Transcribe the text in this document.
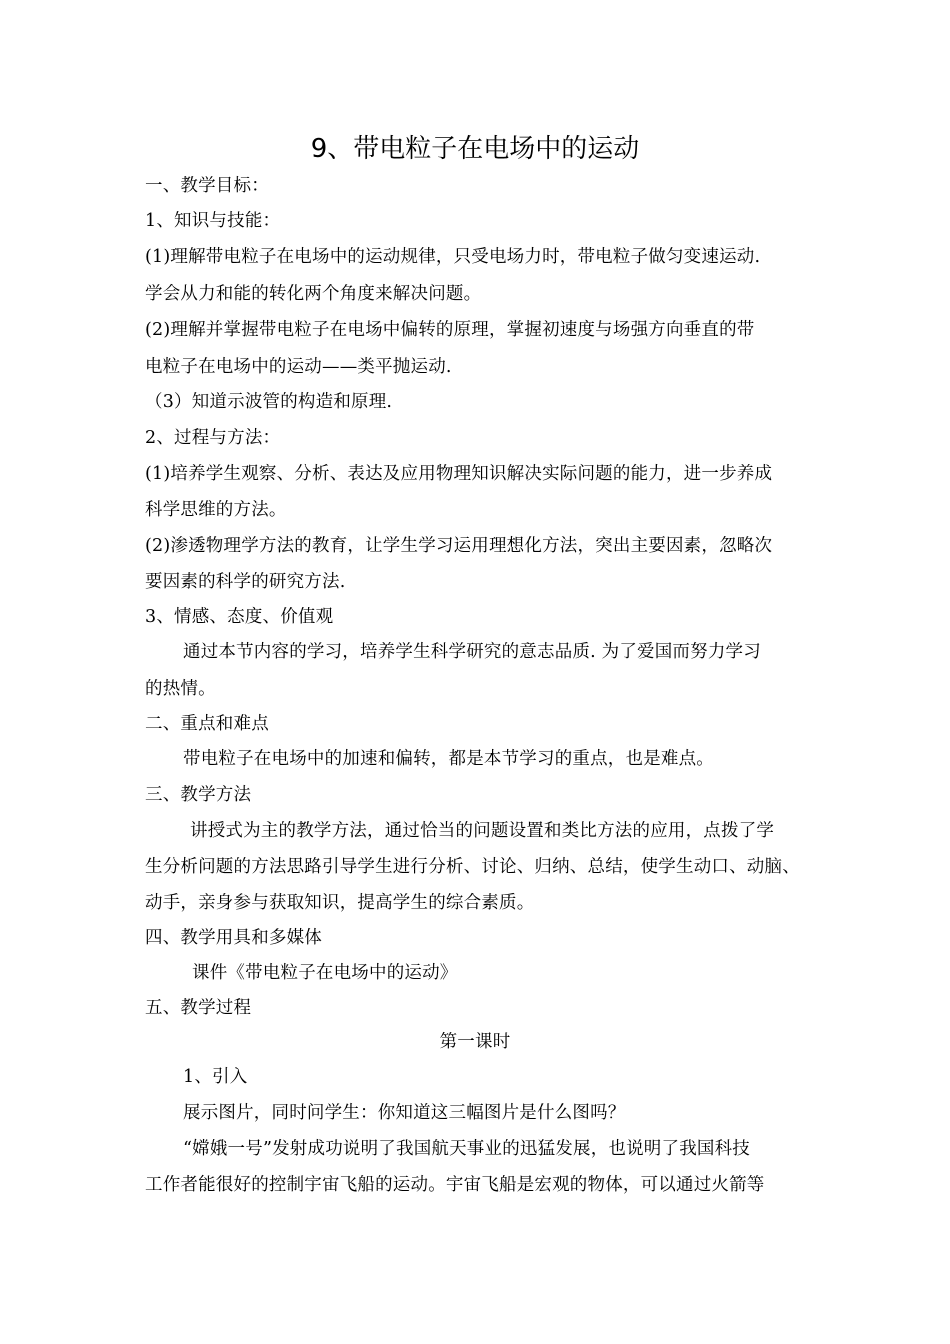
9、带电粒子在电场中的运动
一、教学目标：
1、知识与技能：
(1)理解带电粒子在电场中的运动规律，只受电场力时，带电粒子做匀变速运动.
学会从力和能的转化两个角度来解决问题。
(2)理解并掌握带电粒子在电场中偏转的原理，掌握初速度与场强方向垂直的带
电粒子在电场中的运动——类平抛运动.
（3）知道示波管的构造和原理.
2、过程与方法：
(1)培养学生观察、分析、表达及应用物理知识解决实际问题的能力，进一步养成
科学思维的方法。
(2)渗透物理学方法的教育，让学生学习运用理想化方法，突出主要因素，忽略次
要因素的科学的研究方法.
3、情感、态度、价值观
通过本节内容的学习，培养学生科学研究的意志品质. 为了爱国而努力学习
的热情。
二、重点和难点
带电粒子在电场中的加速和偏转，都是本节学习的重点，也是难点。
三、教学方法
讲授式为主的教学方法，通过恰当的问题设置和类比方法的应用，点拨了学
生分析问题的方法思路引导学生进行分析、讨论、归纳、总结，使学生动口、动脑、
动手，亲身参与获取知识，提高学生的综合素质。
四、教学用具和多媒体
课件《带电粒子在电场中的运动》
五、教学过程
第一课时
1、引入
展示图片，同时问学生：你知道这三幅图片是什么图吗？
“嫦娥一号”发射成功说明了我国航天事业的迅猛发展，也说明了我国科技
工作者能很好的控制宇宙飞船的运动。宇宙飞船是宏观的物体，可以通过火箭等
